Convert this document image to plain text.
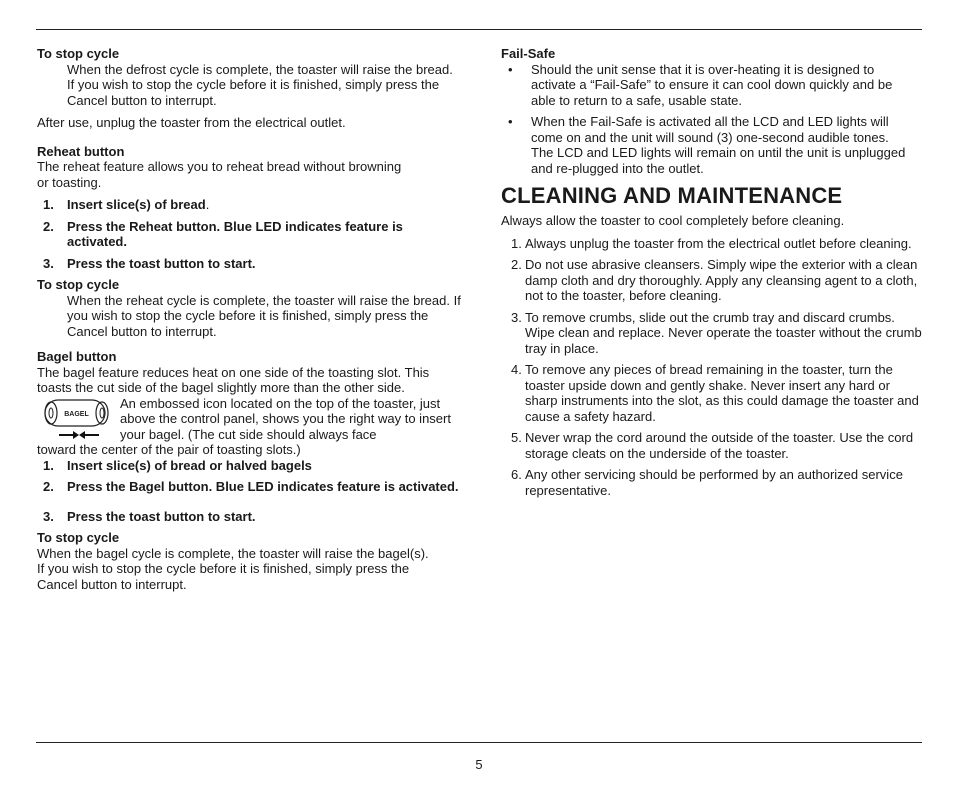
To stop cycle

When the defrost cycle is complete, the toaster will raise the bread. If you wish to stop the cycle before it is finished, simply press the Cancel button to interrupt.

After use, unplug the toaster from the electrical outlet.

Reheat button

The reheat feature allows you to reheat bread without browning or toasting.

1.	Insert slice(s) of bread.
2.	Press the Reheat button. Blue LED indicates feature is activated.
3.	Press the toast button to start.

To stop cycle

When the reheat cycle is complete, the toaster will raise the bread. If you wish to stop the cycle before it is finished, simply press the Cancel button to interrupt.

Bagel button

The bagel feature reduces heat on one side of the toasting slot. This toasts the cut side of the bagel slightly more than the other side.

BAGEL

An embossed icon located on the top of the toaster, just above the control panel, shows you the right way to insert your bagel. (The cut side should always face

toward the center of the pair of toasting slots.)

1.	Insert slice(s) of bread or halved bagels
2.	Press the Bagel button. Blue LED indicates feature is activated.
3.	Press the toast button to start.

To stop cycle

When the bagel cycle is complete, the toaster will raise the bagel(s). If you wish to stop the cycle before it is finished, simply press the Cancel button to interrupt.

Fail-Safe

•	Should the unit sense that it is over-heating it is designed to activate a “Fail-Safe” to ensure it can cool down quickly and be able to return to a safe, usable state.
•	When the Fail-Safe is activated all the LCD and LED lights will come on and the unit will sound (3) one-second audible tones. The LCD and LED lights will remain on until the unit is unplugged and re-plugged into the outlet.
CLEANING AND MAINTENANCE

Always allow the toaster to cool completely before cleaning.

1. Always unplug the toaster from the electrical outlet before cleaning.
2. Do not use abrasive cleansers. Simply wipe the exterior with a clean damp cloth and dry thoroughly. Apply any cleansing agent to a cloth, not to the toaster, before cleaning.
3. To remove crumbs, slide out the crumb tray and discard crumbs. Wipe clean and replace. Never operate the toaster without the crumb tray in place.
4. To remove any pieces of bread remaining in the toaster, turn the toaster upside down and gently shake. Never insert any hard or sharp instruments into the slot, as this could damage the toaster and cause a safety hazard.
5. Never wrap the cord around the outside of the toaster. Use the cord storage cleats on the underside of the toaster.
6. Any other servicing should be performed by an authorized service representative.
5
